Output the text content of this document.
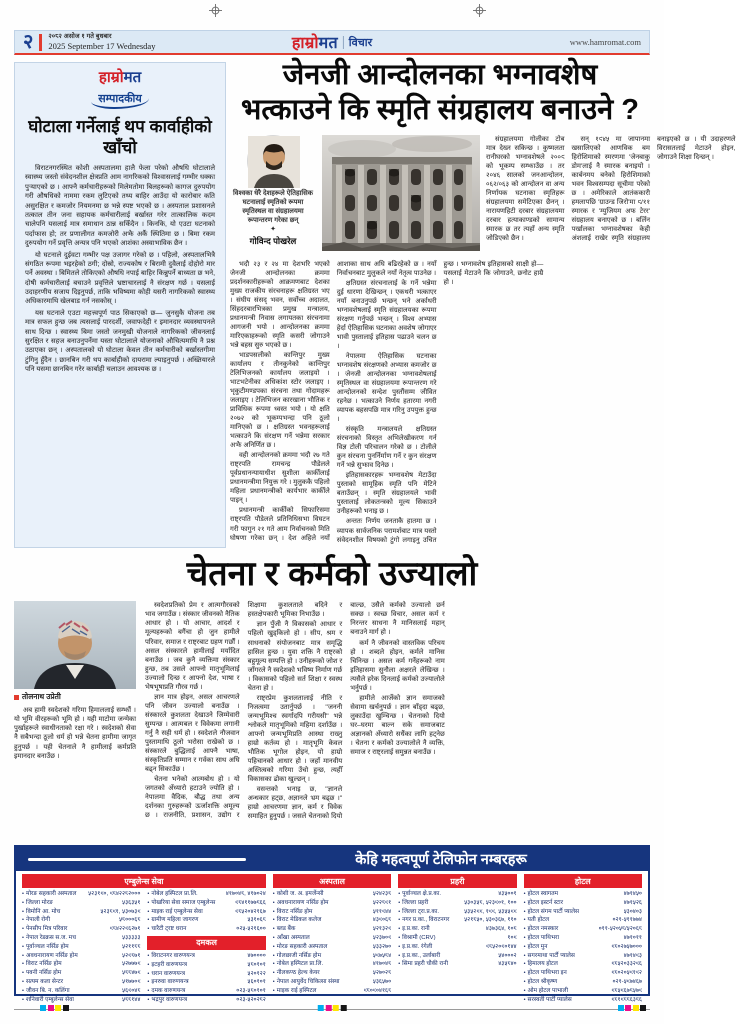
२ २०८२ असोज १ गते बुधबार
2025 September 17 Wednesday	हाम्रोमत विचार	www.hamromat.com
हाम्रोमत
सम्पादकीय
घोटाला गर्नेलाई थप कार्वाहीको खाँचो

विराटनगरस्थित कोशी अस्पतालमा हालै फेला परेको औषधि घोटालाले स्वास्थ्य जस्तो संवेदनशील क्षेत्रप्रति आम नागरिकको विश्वासलाई गम्भीर धक्का पुऱ्याएको छ । आफ्नै कर्मचारीहरूको मिलेमतोमा बिलहरूको कागज दुरुपयोग गरी औषधिको नाममा रकम लुटिएको तथ्य बाहिर आउँदा यो कारोबार कति असुरक्षित र कमजोर नियमनमा छ भन्ने स्पष्ट भएको छ । अस्पताल प्रशासनले तत्काल तीन जना सहायक कर्मचारीलाई बर्खास्त गरेर तात्कालिक कदम चालेपनि यसलाई मात्र समाधान ठान्न सकिँदैन । किनकि, यो एउटा घटनाको पर्दाफास हो; तर प्रणालीगत कमजोरी अझै अर्कै स्थितिमा छ । बिमा रकम दुरुपयोग गर्ने प्रवृत्ति अन्यत्र पनि भएको आशंका अस्वाभाविक छैन ।

यो घटनाले दुईवटा गम्भीर पक्ष उजागर गरेको छ । पहिलो, अस्पतालभित्रै संगठित रूपमा भइरहेको ठगी; दोस्रो, राज्यकोष र बिरामी दुवैलाई दोहोरो मार पर्ने अवस्था । बिमितले तोकिएको औषधि नपाई बाहिर किन्नुपर्ने बाध्यता छ भने, दोषी कर्मचारीलाई बचाउने प्रवृत्तिले भ्रष्टाचारलाई नै संरक्षण गर्छ । यसलाई उदाहरणीय सजाय दिइनुपर्छ, ताकि भविष्यमा कोही यसरी नागरिकको स्वास्थ्य अधिकारमाथि खेलबाड गर्न नसकोस् ।

यस घटनाले एउटा महत्त्वपूर्ण पाठ सिकाएको छ— जुनसुकै योजना तब मात्र सफल हुन्छ जब त्यसलाई पारदर्शी, जवाफदेही र इमानदार व्यवस्थापनले साथ दिन्छ । स्वास्थ्य बिमा जस्तो जनमुखी योजनाले नागरिकको जीवनलाई सुरक्षित र सहज बनाउनुपर्नेमा यस्ता घोटालाले योजनाको औचित्यमाथि नै प्रश्न उठाएका छन् । अस्पतालको यो घोटाला केवल तीन कर्मचारीको बर्खास्तगीमा टुंगिनु हुँदैन । छानबिन गरी थप कार्बाहीको दायरामा ल्याइनुपर्छ । अख्तियारले पनि यसमा छानबिन गरेर कार्बाही चलाउन आवश्यक छ ।

जेनजी आन्दोलनका भग्नावशेष
भत्काउने कि स्मृति संग्रहालय बनाउने ?
विश्वका धेरै देशहरूले ऐतिहासिक घटनालाई स्मृतिको रूपमा स्मृतिस्थल वा संग्रहालयमा रूपान्तरण गरेका छन्
✦
गोविन्द पोखरेल

संग्रहालयमा गोलीका टोब मात्र देख्न सकिन्छ । कुष्मलता रानीघरको भग्नावशेषले २००९ को भूकम्प सम्झाउँछ । तर २०४६ सालको जनआन्दोलन, ०६२/०६३ को आन्दोलन वा अन्य निर्णायक घटनाका स्मृतिहरू संग्रहालयमा समेटिएका छैनन् । नारायणहिटी दरबार संग्रहालयमा दरबार हत्याकाण्डको सामान्य स्मारक छ तर त्यहाँ अन्य स्मृति जोडिएको छैन ।

सन् १९४५ मा जापानमा खसालिएको आणविक बम हिरोशिमाको स्मरणमा 'जेनबाकु डोम'लाई नै स्मारक बनाइयो । कार्बनमय बनेको हिरोशिमाको भवन विश्वसम्पदा सूचीमा परेको छ । अमेरिकाले आतंककारी हमलापछि 'ग्राउन्ड जिरो'मा ९/११ स्मारक र 'म्युजियम अफ टेरर' संग्रहालय बनाएको छ । बर्लिन पर्खालका भग्नावशेषका केही अंशलाई राखेर स्मृति संग्रहालय बनाइएको छ । यी उदाहरणले विरासतलाई मेटाउने होइन, जोगाउने शिक्षा दिन्छन् ।

भदौ २३ र २४ मा देशभरि भएको जेनजी आन्दोलनका क्रममा प्रदर्शनकारीहरूको आक्रमणबाट देशका मुख्य राजकीय संरचनाहरू क्षतिग्रस्त भए । संघीय संसद् भवन, सर्वोच्च अदालत, सिंहदरबारभित्रका प्रमुख मन्त्रालय, प्रधानमन्त्री निवास लगायतका संरचनामा आगजनी भयो । आन्दोलनका क्रममा मारिएकाहरूको स्मृति कसरी जोगाउने भन्ने बहस सुरु भएको छ ।

भाडपसलीको कान्तिपुर मुख्य कार्यालय र तीनकुनेको कान्तिपुर टेलिभिजनको कार्यालय जलाइयो । भाटभटेनीका अधिकांश स्टोर जलाइए । भृकुटीमण्डपका संरचना तथा गोदामहरू जलाइए । टेलिभिजन कारखाना भौतिक र प्राविधिक रूपमा ध्वस्त भयो । यो क्षति २०७२ को भूकम्पभन्दा पनि ठूलो मानिएको छ । क्षतिग्रस्त भवनहरूलाई भत्काउने कि संरक्षण गर्ने भन्नेमा सरकार अझै अनिर्णित छ ।

वही आन्दोलनको क्रममा भदौ २७ गते राष्ट्रपति रामचन्द्र पौडेलले पूर्वप्रधानन्यायाधीश सुशीला कार्कीलाई प्रधानमन्त्रीमा नियुक्त गरे । मुलुककै पहिलो महिला प्रधानमन्त्रीको कार्यभार कार्कीले पाइन् ।

प्रधानमन्त्री कार्कीको सिफारिसमा राष्ट्रपति पौडेलले प्रतिनिधिसभा विघटन गरी फागुन २१ गते आम निर्वाचनको मिति घोषणा गरेका छन् । देश अहिले नयाँ आशाका साथ अघि बढिरहेको छ । नयाँ निर्वाचनबाट मुलुकले नयाँ नेतृत्व पाउनेछ ।

क्षतिग्रस्त संरचनालाई के गर्ने भन्नेमा दुई धारणा देखिन्छन् । एकथरी भत्काएर नयाँ बनाउनुपर्छ भन्छन् भने अर्काथरी भग्नावशेषलाई स्मृति संग्रहालयका रूपमा संरक्षण गर्नुपर्छ भन्छन् । विश्व अभ्यास हेर्दा ऐतिहासिक घटनाका अवशेष जोगाएर भावी पुस्तालाई इतिहास पढाउने चलन छ ।

नेपालमा ऐतिहासिक घटनाका भग्नावशेष संरक्षणको अभ्यास कमजोर छ । जेनजी आन्दोलनका भग्नावशेषलाई स्मृतिस्थल वा संग्रहालयमा रूपान्तरण गरे आन्दोलनको सन्देश पुस्तौंसम्म जीवित रहनेछ । भत्काउने निर्णय हतारमा नगरी व्यापक बहसपछि मात्र गरिनु उपयुक्त हुन्छ ।

संस्कृति मन्त्रालयले क्षतिग्रस्त संरचनाको विस्तृत अभिलेखीकरण गर्न विज्ञ टोली परिचालन गरेको छ । टोलीले कुन संरचना पुनर्निर्माण गर्ने र कुन संरक्षण गर्ने भन्ने सुझाव दिनेछ ।

इतिहासकारहरू भग्नावशेष मेटाउँदा पुस्ताको सामूहिक स्मृति पनि मेटिने बताउँछन् । स्मृति संग्रहालयले भावी पुस्तालाई लोकतन्त्रको मूल्य सिकाउने उनीहरूको भनाइ छ ।

अन्ततः निर्णय जनताकै हातमा छ । व्यापक सार्वजनिक परामर्शबाट मात्र यस्तो संवेदनशील विषयको टुंगो लगाइनु उचित हुन्छ । भग्नावशेष इतिहासको साक्षी हो— यसलाई मेटाउने कि जोगाउने, छनोट हाम्रै हो ।

चेतना र कर्मको उज्यालो
तोलनाथ उप्रेती

अब हामी स्वदेशको गरिमा हिमाललाई सम्झौं । यो भूमि वीरहरूको भूमि हो । यही माटोमा जन्मेका पुर्खाहरूले स्वाधीनताको रक्षा गरे । स्वदेशको सेवा नै सबैभन्दा ठूलो धर्म हो भन्ने चेतना हामीमा जागृत हुनुपर्छ । यही चेतनाले नै हामीलाई कर्मप्रति इमानदार बनाउँछ ।

स्वदेशप्रतिको प्रेम र आत्मगौरवको भाव जगाउँछ । संस्कार जीवनको नैतिक आधार हो । यो आचार, आदर्श र मूल्यहरूको बगैंचा हो जुन हामीले परिवार, समाज र राष्ट्रबाट ग्रहण गर्छौं । असल संस्कारले हामीलाई मर्यादित बनाउँछ । जब कुनै व्यक्तिमा संस्कार हुन्छ, तब उसले आफ्नो मातृभूमिलाई उज्यालो दिन्छ र आफ्नो देश, भाषा र भेषभूषाप्रति गौरव गर्छ ।

ज्ञान मात्र होइन, असल आचरणले पनि जीवन उज्यालो बनाउँछ । संस्कारले कुशलता देखाउने जिम्मेवारी सुम्पन्छ । आत्मबल र विवेकमा लगानी गर्नु नै सही धर्म हो । स्वदेशले नौजवान पुस्तामाथि ठूलो भरोसा राखेको छ । संस्कारले बुद्धिलाई आफ्नै भाषा, संस्कृतिप्रति सम्मान र गर्वका साथ अघि बढ्न सिकाउँछ ।

चेतना भनेको आत्मबोध हो । यो जगतको अँध्यारो हटाउने ज्योति हो । नेपालमा वैदिक, बौद्ध तथा अन्य दर्शनका गुरुहरूको ऊर्जाशक्ति अमूल्य छ । राजनीति, प्रशासन, उद्योग र शिक्षामा कुशलताले बदिने र हस्तक्षेपकारी भूमिका निभाउँछ ।

ज्ञान पुँजी नै विकासको आधार र पहिलो खुड्किलो हो । सीप, श्रम र साधनाको संयोजनबाट मात्र समृद्धि हासिल हुन्छ । युवा शक्ति नै राष्ट्रको बहुमूल्य सम्पत्ति हो । उनीहरूको जोश र जाँगरले नै स्वदेशको भविष्य निर्माण गर्छ । विकासको पहिलो सर्त शिक्षा र स्वस्थ चेतना हो ।

राष्ट्रप्रेम कुशलतालाई नीति र निजत्वमा उतार्नुपर्छ । "जननी जन्मभूमिश्च स्वर्गादपि गरीयसी" भन्ने श्लोकले मातृभूमिको महिमा दर्शाउँछ । आफ्नो जन्मभूमिप्रति आस्था राख्नु हाम्रो कर्तव्य हो । मातृभूमि केवल भौतिक भूगोल होइन, यो हाम्रो पहिचानको आधार हो । जहाँ मानवीय अस्तित्वको गरिमा उँचो हुन्छ, त्यहीँ विकासका ढोका खुल्छन् ।

वसन्तको भनाइ छ, "ज्ञानले अन्धकार हट्छ, अज्ञानले भ्रम बढ्छ ।" हाम्रो आचरणमा ज्ञान, कर्म र विवेक समाहित हुनुपर्छ । जसले चेतनाको दियो बाल्छ, उसैले कर्मको उज्यालो छर्न सक्छ । स्वच्छ विचार, असल कर्म र निरन्तर साधना नै मानिसलाई महान् बनाउने मार्ग हो ।

कर्म नै जीवनको वास्तविक परिचय हो । शब्दले होइन, कर्मले मानिस चिनिन्छ । असल कर्म गर्नेहरूको नाम इतिहासमा सुनौला अक्षरले लेखिन्छ । त्यसैले हरेक दिनलाई कर्मको उज्यालोले भर्नुपर्छ ।

हामीले आर्जेको ज्ञान समाजको सेवामा खर्चनुपर्छ । ज्ञान बाँड्दा बढ्छ, लुकाउँदा खुम्चिन्छ । चेतनाको दियो घर–घरमा बाल्न सके समाजबाट अज्ञानको अँध्यारो सधैंका लागि हट्नेछ । चेतना र कर्मको उज्यालोले नै व्यक्ति, समाज र राष्ट्रलाई समुन्नत बनाउँछ ।

केहि महत्वपूर्ण टेलिफोन नम्बरहरू
एम्बुलेन्स सेवा	अस्पताल	प्रहरी	होटल
• मोरङ सहकारी अस्पताल	५२३१९०, ९८४२२८२०००
• जिल्ला मोरङ	५३६३५१
• विमोनि आ. मोच	५२३८९१, ५३०७३९
• नेपाली रोगी	५८०००६८
• पेनसीप मित्र परिवार	९८४२२९६२७१
• नेपाल रेडक्रस स.ज. मच	५३३३३३
• पूर्वाञ्चल नर्सिङ होम	५२११८८
• अवधनारायण नर्सिङ होम	५२९८७१
• विराट नर्सिङ होम	५२७७७९
• पवनी नर्सिङ होम	५८८४७९
• सत्यम कला सेन्टर	५१७७०९
• जीवन बि. न. कलिंगा	५६९०४८
• शनिवारी एम्बुलेन्स सेवा	५८८१४४
• नोबेल हस्पिटल प्रा.लि.	४१७०४८, ४१७०२४
• पोखरिया सेवा समाज एम्बुलेन्स	९८४११७७८६६
• माइक राई एम्बुलेन्स सेवा	९८५२०४२१६७
• ग्रामीण महिला जागरण	५३१०६८
• चारैटी ट्रष्ट धरान	०२५-५२१६००
दमकल
• विराटनगर वारुणयन्त्र	४७००००
• इटहरी वारुणयन्त्र	५८०१०१
• धरान वारुणयन्त्र	५२०१२२
• इनरुवा वारुणयन्त्र	५६०१०१
• दमक वारुणयन्त्र	०२३-५८०१०१
• भद्रपुर वारुणयन्त्र	०२३-५२०२८२
• कोशी ज. अ. इमर्जेन्सी	५२४२३८
• अवधनारायण नर्सिङ होम	५२२८९१
• विराट नर्सिङ होम	५११९४४
• विराट मेडिकल कलेज	४३९०६८
• ब्लड बैंक	५२१३२९
• आँखा अस्पताल	५२३७०९
• मोरङ सहकारी अस्पताल	५३३२७०
• गोलछाजी नर्सिङ होम	५९७५८४
• नोबेल हस्पिटल प्रा.लि.	४१७०४८
• नीलकण्ठ हेल्थ केयर	५२७०२८
• नेपाल आयुर्वेद चिकित्सा संस्था	५३६५७०
• माइक राई हस्पिटल	९८०९०४१६८
• पूर्वाञ्चल क्षे.प्र.का.	४३५००१
• जिल्ला प्रहरी	५३०३५८, ५२३९०१, १००
• जिल्ला ट्रा.प्र.का.	५३५२९९, १९९, ५३५५९९
• नगर प्र.का., विराटनगर	५२१८५०, ५३०३६७, ११०
• इ.प्र.का. रानी	४३७३६४, १०८
• विश्रामी (CRV)	१०९
• इ.प्र.का. रंगेली	९८५२०९०१४४
• इ.प्र.का., उर्लाबारी	५४०००२
• सिमा प्रहरी चौकी रानी	४३५८४०
• होटल स्वागतम	४७१४५०
• होटल इस्टर्न स्टार	४७१५२६
• होटल संगम पार्टी प्यालेस	५३०४०३
• यती होटल	०२१-५११७७४
• होटल नमस्कार	०११-५२०५८/५२०६८
• होटल पाथिभरा	४७१०११
• होटल मुन	९८०२७५७०००
• सगरमाथा पार्टी प्यालेस	४७१४९३
• हिमालय होटल	९८५२०३३२९६
• होटल पाथिभरा इन	९८०२०५९१९२
• होटल श्रीकृष्ण	०२१-५९७४६७
• ओम होटल पाभाली	९८५९६७८५७९
• सरस्वती पार्टी प्यालेस	९८१९८८६३८६
